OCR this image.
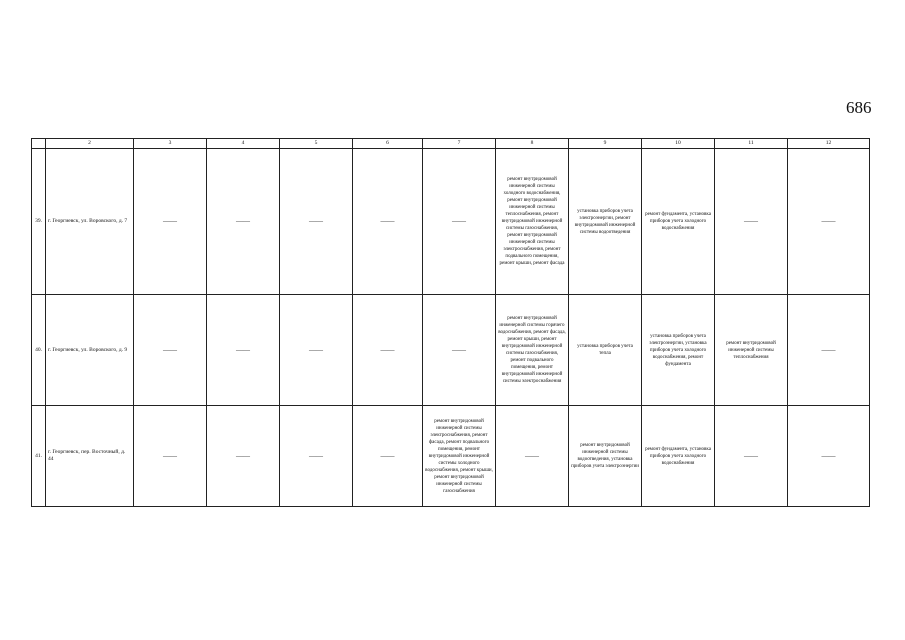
686
	2	3	4	5	6	7	8	9	10	11	12
39.	г. Георгиевск, ул. Воровского, д. 7	——	——	——	——	——	ремонт внутридомовой инженерной системы холодного водоснабжения, ремонт внутридомовой инженерной системы теплоснабжения, ремонт внутридомовой инженерной системы газоснабжения, ремонт внутридомовой инженерной системы электроснабжения, ремонт подвального помещения, ремонт крыши, ремонт фасада	установка приборов учета электроэнергии, ремонт внутридомовой инженерной системы водоотведения	ремонт фундамента, установка приборов учета холодного водоснабжения	——	——
40.	г. Георгиевск, ул. Воровского, д. 9	——	——	——	——	——	ремонт внутридомовой инженерной системы горячего водоснабжения, ремонт фасада, ремонт крыши, ремонт внутридомовой инженерной системы газоснабжения, ремонт подвального помещения, ремонт внутридомовой инженерной системы электроснабжения	установка приборов учета тепла	установка приборов учета электроэнергии, установка приборов учета холодного водоснабжения, ремонт фундамента	ремонт внутридомовой инженерной системы теплоснабжения	——
41.	г. Георгиевск, пер. Восточный, д. 44	——	——	——	——	ремонт внутридомовой инженерной системы электроснабжения, ремонт фасада, ремонт подвального помещения, ремонт внутридомовой инженерной системы холодного водоснабжения, ремонт крыши, ремонт внутридомовой инженерной системы газоснабжения	——	ремонт внутридомовой инженерной системы водоотведения, установка приборов учета электроэнергии	ремонт фундамента, установка приборов учета холодного водоснабжения	——	——
